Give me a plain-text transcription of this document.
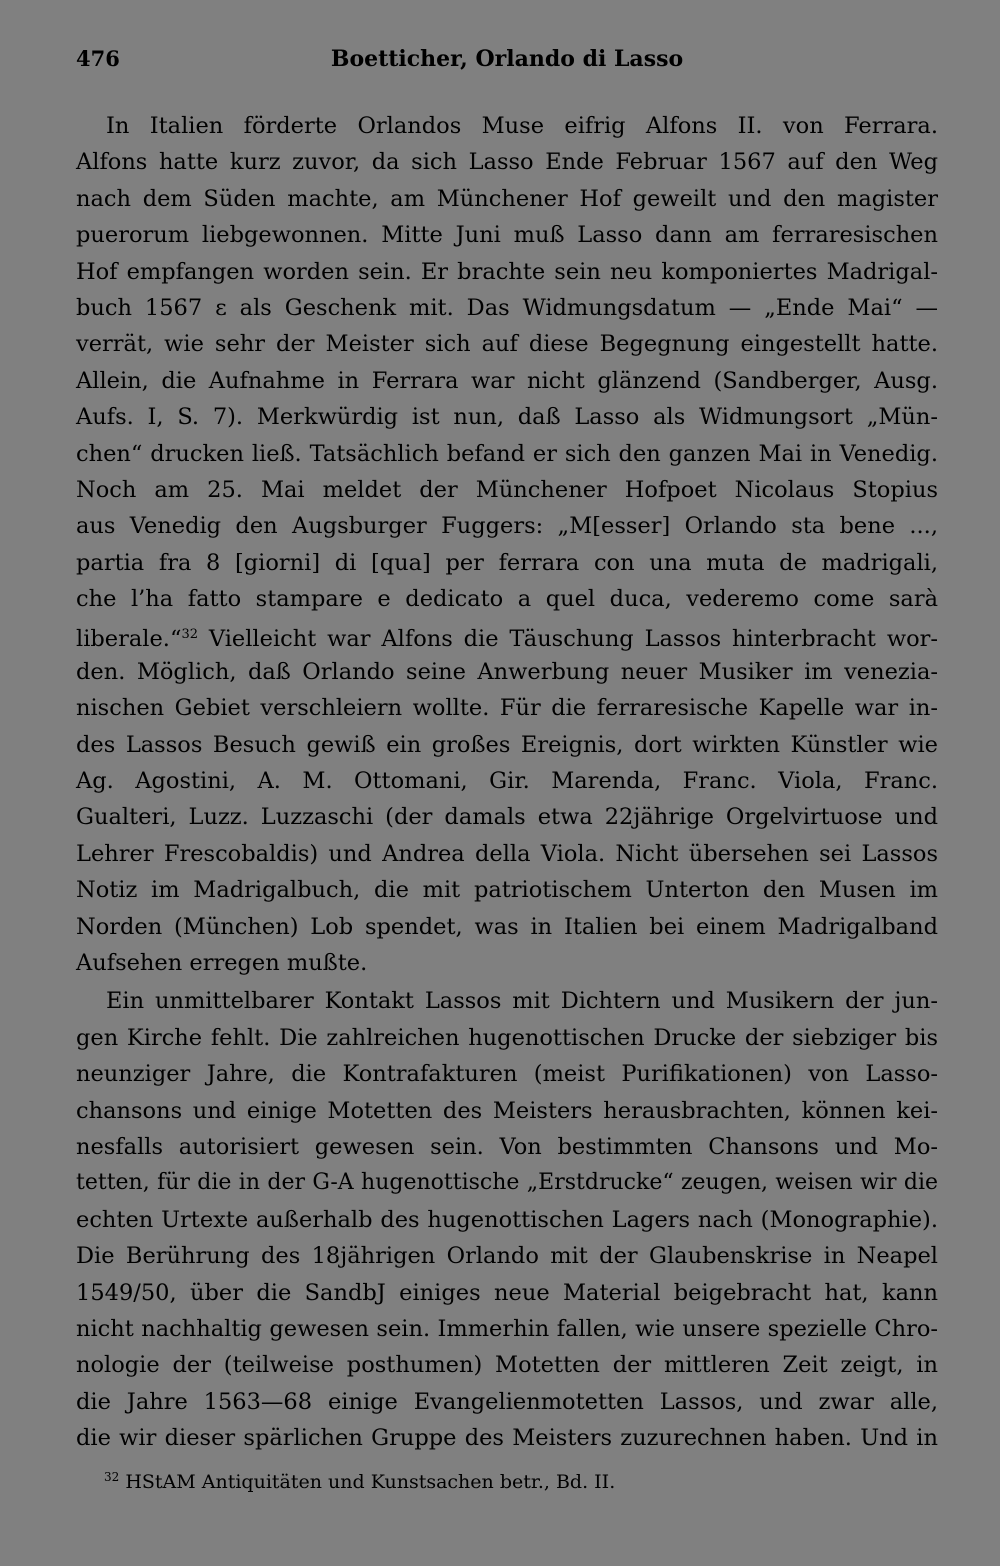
476	Boetticher, Orlando di Lasso
In Italien förderte Orlandos Muse eifrig Alfons II. von Ferrara.
Alfons hatte kurz zuvor, da sich Lasso Ende Februar 1567 auf den Weg
nach dem Süden machte, am Münchener Hof geweilt und den magister
puerorum liebgewonnen. Mitte Juni muß Lasso dann am ferraresischen
Hof empfangen worden sein. Er brachte sein neu komponiertes Madrigal-
buch 1567 ε als Geschenk mit. Das Widmungsdatum — „Ende Mai“ —
verrät, wie sehr der Meister sich auf diese Begegnung eingestellt hatte.
Allein, die Aufnahme in Ferrara war nicht glänzend (Sandberger, Ausg.
Aufs. I, S. 7). Merkwürdig ist nun, daß Lasso als Widmungsort „Mün-
chen“ drucken ließ. Tatsächlich befand er sich den ganzen Mai in Venedig.
Noch am 25. Mai meldet der Münchener Hofpoet Nicolaus Stopius
aus Venedig den Augsburger Fuggers: „M[esser] Orlando sta bene ...,
partia fra 8 [giorni] di [qua] per ferrara con una muta de madrigali,
che l’ha fatto stampare e dedicato a quel duca, vederemo come sarà
liberale.“$^{32}$ Vielleicht war Alfons die Täuschung Lassos hinterbracht wor-
den. Möglich, daß Orlando seine Anwerbung neuer Musiker im venezia-
nischen Gebiet verschleiern wollte. Für die ferraresische Kapelle war in-
des Lassos Besuch gewiß ein großes Ereignis, dort wirkten Künstler wie
Ag. Agostini, A. M. Ottomani, Gir. Marenda, Franc. Viola, Franc.
Gualteri, Luzz. Luzzaschi (der damals etwa 22jährige Orgelvirtuose und
Lehrer Frescobaldis) und Andrea della Viola. Nicht übersehen sei Lassos
Notiz im Madrigalbuch, die mit patriotischem Unterton den Musen im
Norden (München) Lob spendet, was in Italien bei einem Madrigalband
Aufsehen erregen mußte.
Ein unmittelbarer Kontakt Lassos mit Dichtern und Musikern der jun-
gen Kirche fehlt. Die zahlreichen hugenottischen Drucke der siebziger bis
neunziger Jahre, die Kontrafakturen (meist Purifikationen) von Lasso-
chansons und einige Motetten des Meisters herausbrachten, können kei-
nesfalls autorisiert gewesen sein. Von bestimmten Chansons und Mo-
tetten, für die in der G-A hugenottische „Erstdrucke“ zeugen, weisen wir die
echten Urtexte außerhalb des hugenottischen Lagers nach (Monographie).
Die Berührung des 18jährigen Orlando mit der Glaubenskrise in Neapel
1549/50, über die SandbJ einiges neue Material beigebracht hat, kann
nicht nachhaltig gewesen sein. Immerhin fallen, wie unsere spezielle Chro-
nologie der (teilweise posthumen) Motetten der mittleren Zeit zeigt, in
die Jahre 1563—68 einige Evangelienmotetten Lassos, und zwar alle,
die wir dieser spärlichen Gruppe des Meisters zuzurechnen haben. Und in
$^{32}$ HStAM Antiquitäten und Kunstsachen betr., Bd. II.
